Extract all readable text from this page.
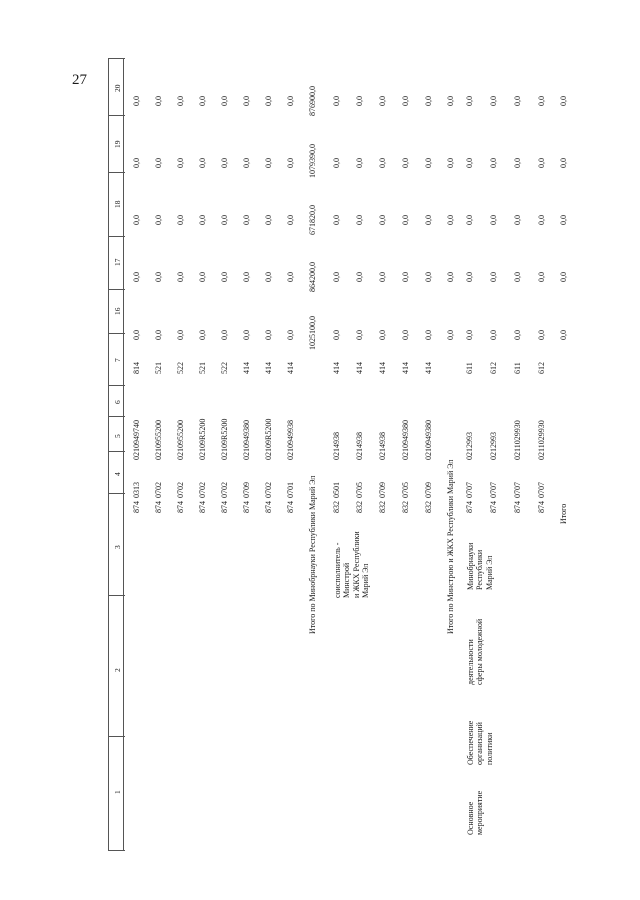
27
1
2
3
4
5
6
7
16
17
18
19
20
874
0313
0210949740
814
0,0
0,0
0,0
0,0
0,0
874
0702
0210955200
521
0,0
0,0
0,0
0,0
0,0
874
0702
0210955200
522
0,0
0,0
0,0
0,0
0,0
874
0702
02109R5200
521
0,0
0,0
0,0
0,0
0,0
874
0702
02109R5200
522
0,0
0,0
0,0
0,0
0,0
874
0709
0210949380
414
0,0
0,0
0,0
0,0
0,0
874
0702
02109R5200
414
0,0
0,0
0,0
0,0
0,0
874
0701
0210949938
414
0,0
0,0
0,0
0,0
0,0
Итого по Минобрнауки Республики Марий Эл
1025100,0
864200,0
671820,0
1079390,0
876900,0
соисполнитель -
Минстрой
и ЖКХ Республики
Марий Эл
832
0501
0214938
414
0,0
0,0
0,0
0,0
0,0
832
0705
0214938
414
0,0
0,0
0,0
0,0
0,0
832
0709
0214938
414
0,0
0,0
0,0
0,0
0,0
832
0705
0210949380
414
0,0
0,0
0,0
0,0
0,0
832
0709
0210949380
414
0,0
0,0
0,0
0,0
0,0
Итого по Минстрою и ЖКХ Республики Марий Эл
0,0
0,0
0,0
0,0
0,0
Основное
мероприятие
Обеспечение
организаций
политики
деятельности
сферы молодежной
Минобрнауки
Республики
Марий Эл
874
0707
0212993
611
0,0
0,0
0,0
0,0
0,0
874
0707
0212993
612
0,0
0,0
0,0
0,0
0,0
874
0707
0211029930
611
0,0
0,0
0,0
0,0
0,0
874
0707
0211029930
612
0,0
0,0
0,0
0,0
0,0
Итого
0,0
0,0
0,0
0,0
0,0
